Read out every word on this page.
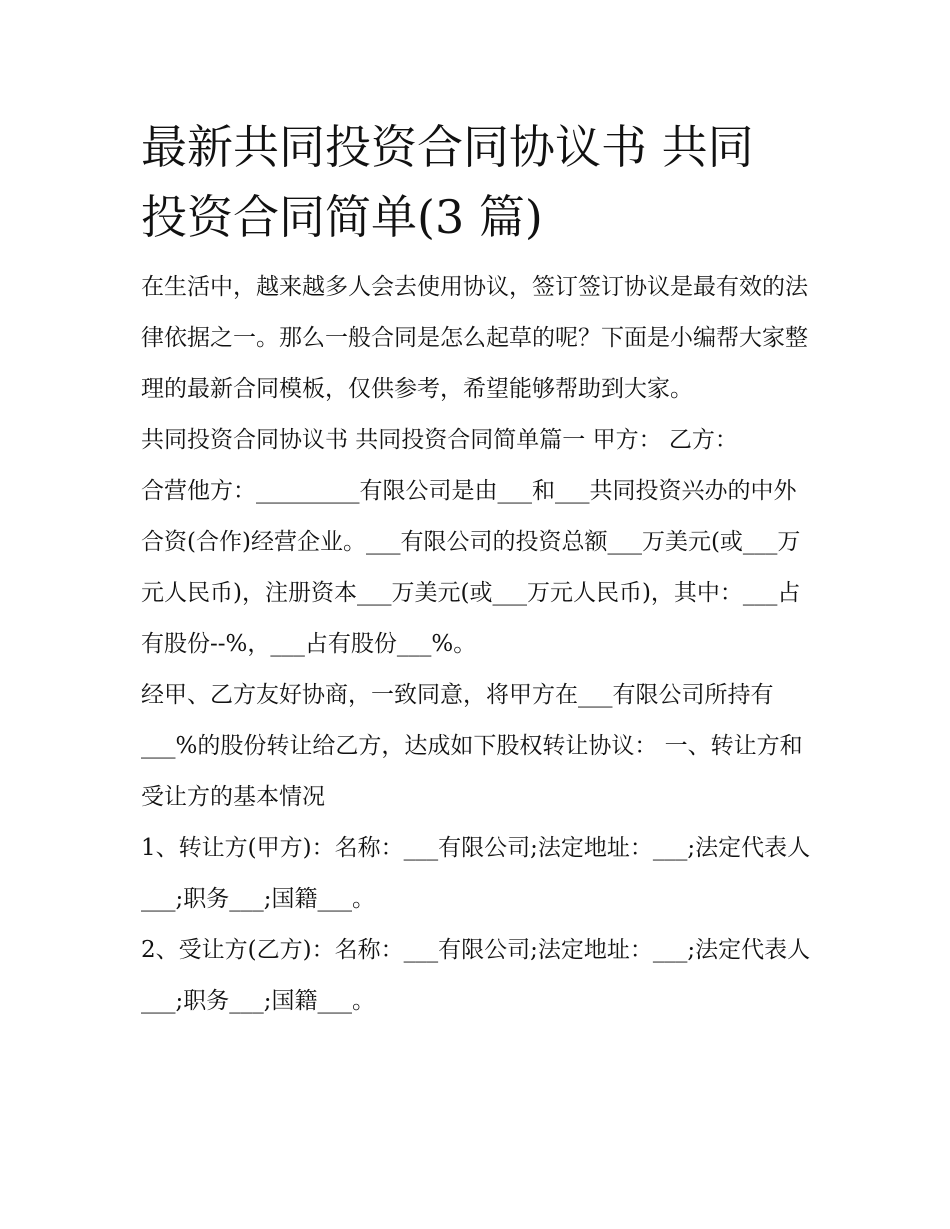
最新共同投资合同协议书 共同
投资合同简单(3 篇)

在生活中，越来越多人会去使用协议，签订签订协议是最有效的法律依据之一。那么一般合同是怎么起草的呢？下面是小编帮大家整理的最新合同模板，仅供参考，希望能够帮助到大家。

共同投资合同协议书 共同投资合同简单篇一 甲方： 乙方：

合营他方：_________有限公司是由___和___共同投资兴办的中外合资(合作)经营企业。___有限公司的投资总额___万美元(或___万元人民币)，注册资本___万美元(或___万元人民币)，其中：___占有股份--%，___占有股份___%。

经甲、乙方友好协商，一致同意，将甲方在___有限公司所持有___%的股份转让给乙方，达成如下股权转让协议： 一、转让方和受让方的基本情况

1、转让方(甲方)：名称：___有限公司;法定地址：___;法定代表人___;职务___;国籍___。

2、受让方(乙方)：名称：___有限公司;法定地址：___;法定代表人___;职务___;国籍___。
